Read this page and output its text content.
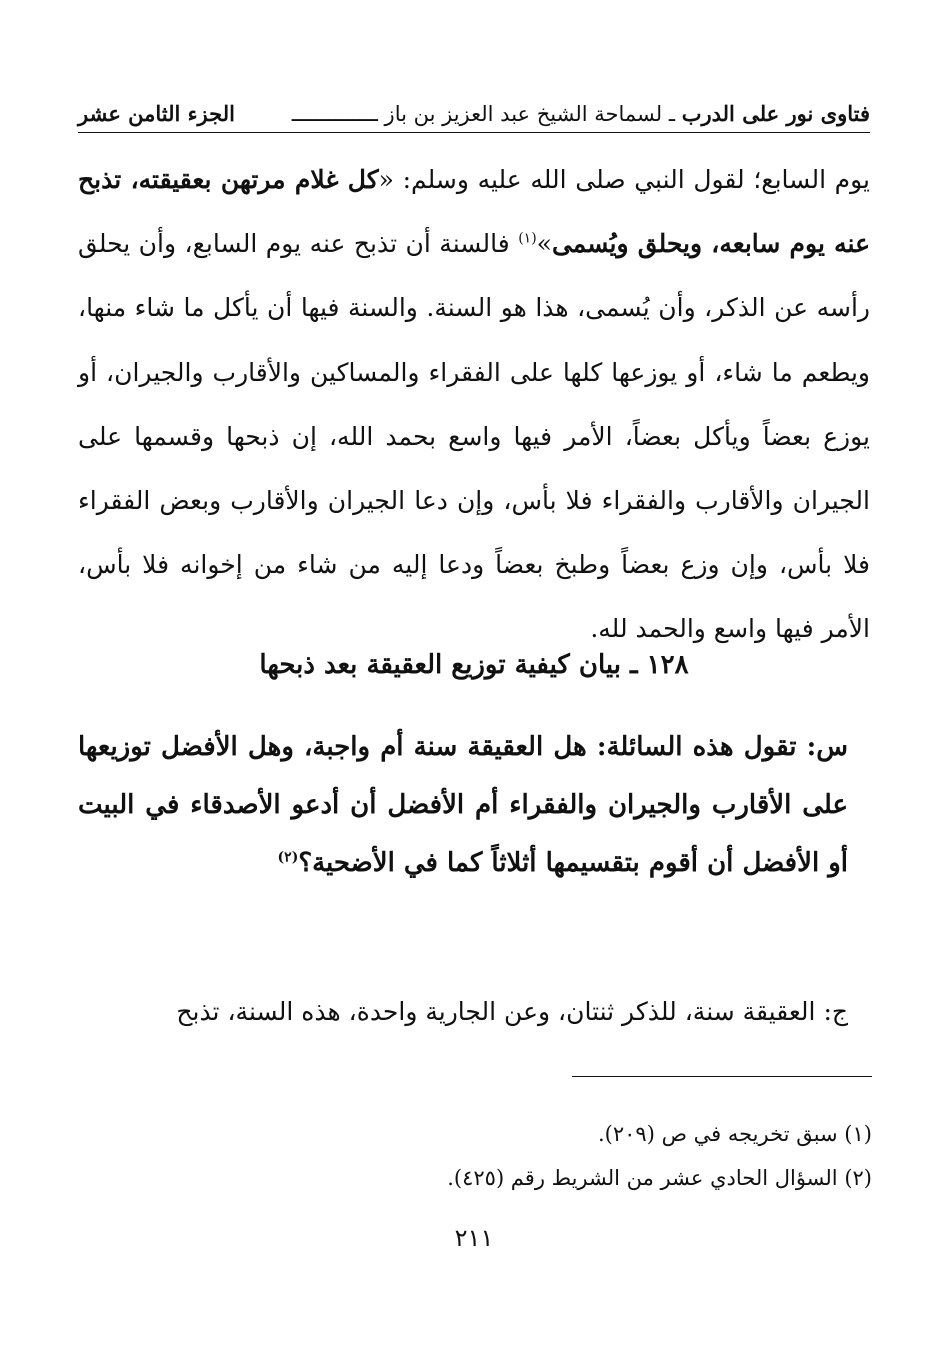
فتاوى نور على الدرب ـ لسماحة الشيخ عبد العزيز بن باز ــــــــــــــ
الجزء الثامن عشر
يوم السابع؛ لقول النبي صلى الله عليه وسلم: «كل غلام مرتهن بعقيقته، تذبح عنه يوم سابعه، ويحلق ويُسمى»$^{(١)}$ فالسنة أن تذبح عنه يوم السابع، وأن يحلق رأسه عن الذكر، وأن يُسمى، هذا هو السنة. والسنة فيها أن يأكل ما شاء منها، ويطعم ما شاء، أو يوزعها كلها على الفقراء والمساكين والأقارب والجيران، أو يوزع بعضاً ويأكل بعضاً، الأمر فيها واسع بحمد الله، إن ذبحها وقسمها على الجيران والأقارب والفقراء فلا بأس، وإن دعا الجيران والأقارب وبعض الفقراء فلا بأس، وإن وزع بعضاً وطبخ بعضاً ودعا إليه من شاء من إخوانه فلا بأس، الأمر فيها واسع والحمد لله.
١٢٨ ـ بيان كيفية توزيع العقيقة بعد ذبحها
س: تقول هذه السائلة: هل العقيقة سنة أم واجبة، وهل الأفضل توزيعها على الأقارب والجيران والفقراء أم الأفضل أن أدعو الأصدقاء في البيت أو الأفضل أن أقوم بتقسيمها أثلاثاً كما في الأضحية؟$^{(٢)}$
ج: العقيقة سنة، للذكر ثنتان، وعن الجارية واحدة، هذه السنة، تذبح
(١) سبق تخريجه في ص (٢٠٩).
(٢) السؤال الحادي عشر من الشريط رقم (٤٢٥).
٢١١
